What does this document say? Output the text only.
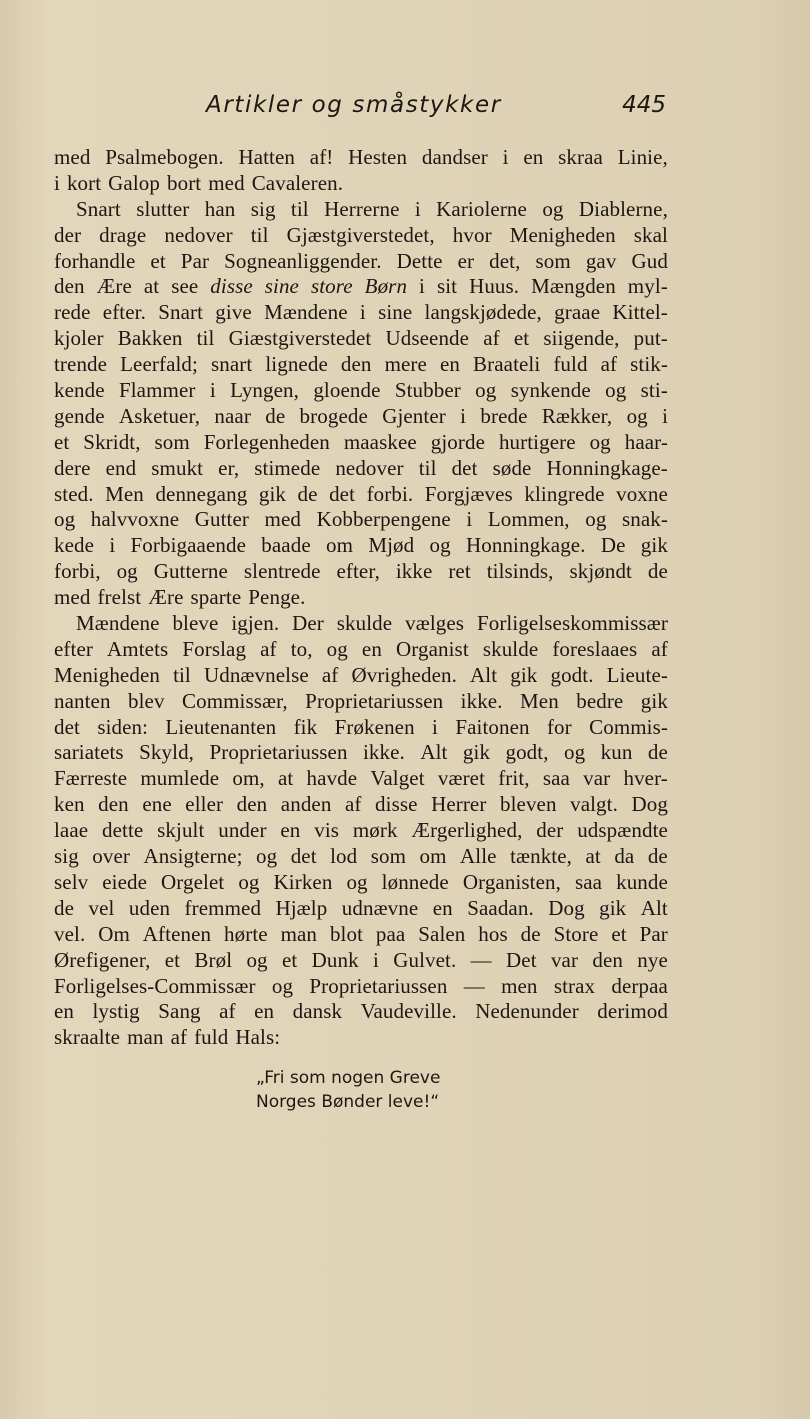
Artikler og småstykker	445
med Psalmebogen. Hatten af! Hesten dandser i en skraa Linie,
i kort Galop bort med Cavaleren.
Snart slutter han sig til Herrerne i Kariolerne og Diablerne,
der drage nedover til Gjæstgiverstedet, hvor Menigheden skal
forhandle et Par Sogneanliggender. Dette er det, som gav Gud
den Ære at see disse sine store Børn i sit Huus. Mængden myl-
rede efter. Snart give Mændene i sine langskjødede, graae Kittel-
kjoler Bakken til Giæstgiverstedet Udseende af et siigende, put-
trende Leerfald; snart lignede den mere en Braateli fuld af stik-
kende Flammer i Lyngen, gloende Stubber og synkende og sti-
gende Asketuer, naar de brogede Gjenter i brede Rækker, og i
et Skridt, som Forlegenheden maaskee gjorde hurtigere og haar-
dere end smukt er, stimede nedover til det søde Honningkage-
sted. Men dennegang gik de det forbi. Forgjæves klingrede voxne
og halvvoxne Gutter med Kobberpengene i Lommen, og snak-
kede i Forbigaaende baade om Mjød og Honningkage. De gik
forbi, og Gutterne slentrede efter, ikke ret tilsinds, skjøndt de
med frelst Ære sparte Penge.
Mændene bleve igjen. Der skulde vælges Forligelseskommissær
efter Amtets Forslag af to, og en Organist skulde foreslaaes af
Menigheden til Udnævnelse af Øvrigheden. Alt gik godt. Lieute-
nanten blev Commissær, Proprietariussen ikke. Men bedre gik
det siden: Lieutenanten fik Frøkenen i Faitonen for Commis-
sariatets Skyld, Proprietariussen ikke. Alt gik godt, og kun de
Færreste mumlede om, at havde Valget været frit, saa var hver-
ken den ene eller den anden af disse Herrer bleven valgt. Dog
laae dette skjult under en vis mørk Ærgerlighed, der udspændte
sig over Ansigterne; og det lod som om Alle tænkte, at da de
selv eiede Orgelet og Kirken og lønnede Organisten, saa kunde
de vel uden fremmed Hjælp udnævne en Saadan. Dog gik Alt
vel. Om Aftenen hørte man blot paa Salen hos de Store et Par
Ørefigener, et Brøl og et Dunk i Gulvet. — Det var den nye
Forligelses-Commissær og Proprietariussen — men strax derpaa
en lystig Sang af en dansk Vaudeville. Nedenunder derimod
skraalte man af fuld Hals:
„Fri som nogen Greve
Norges Bønder leve!“
